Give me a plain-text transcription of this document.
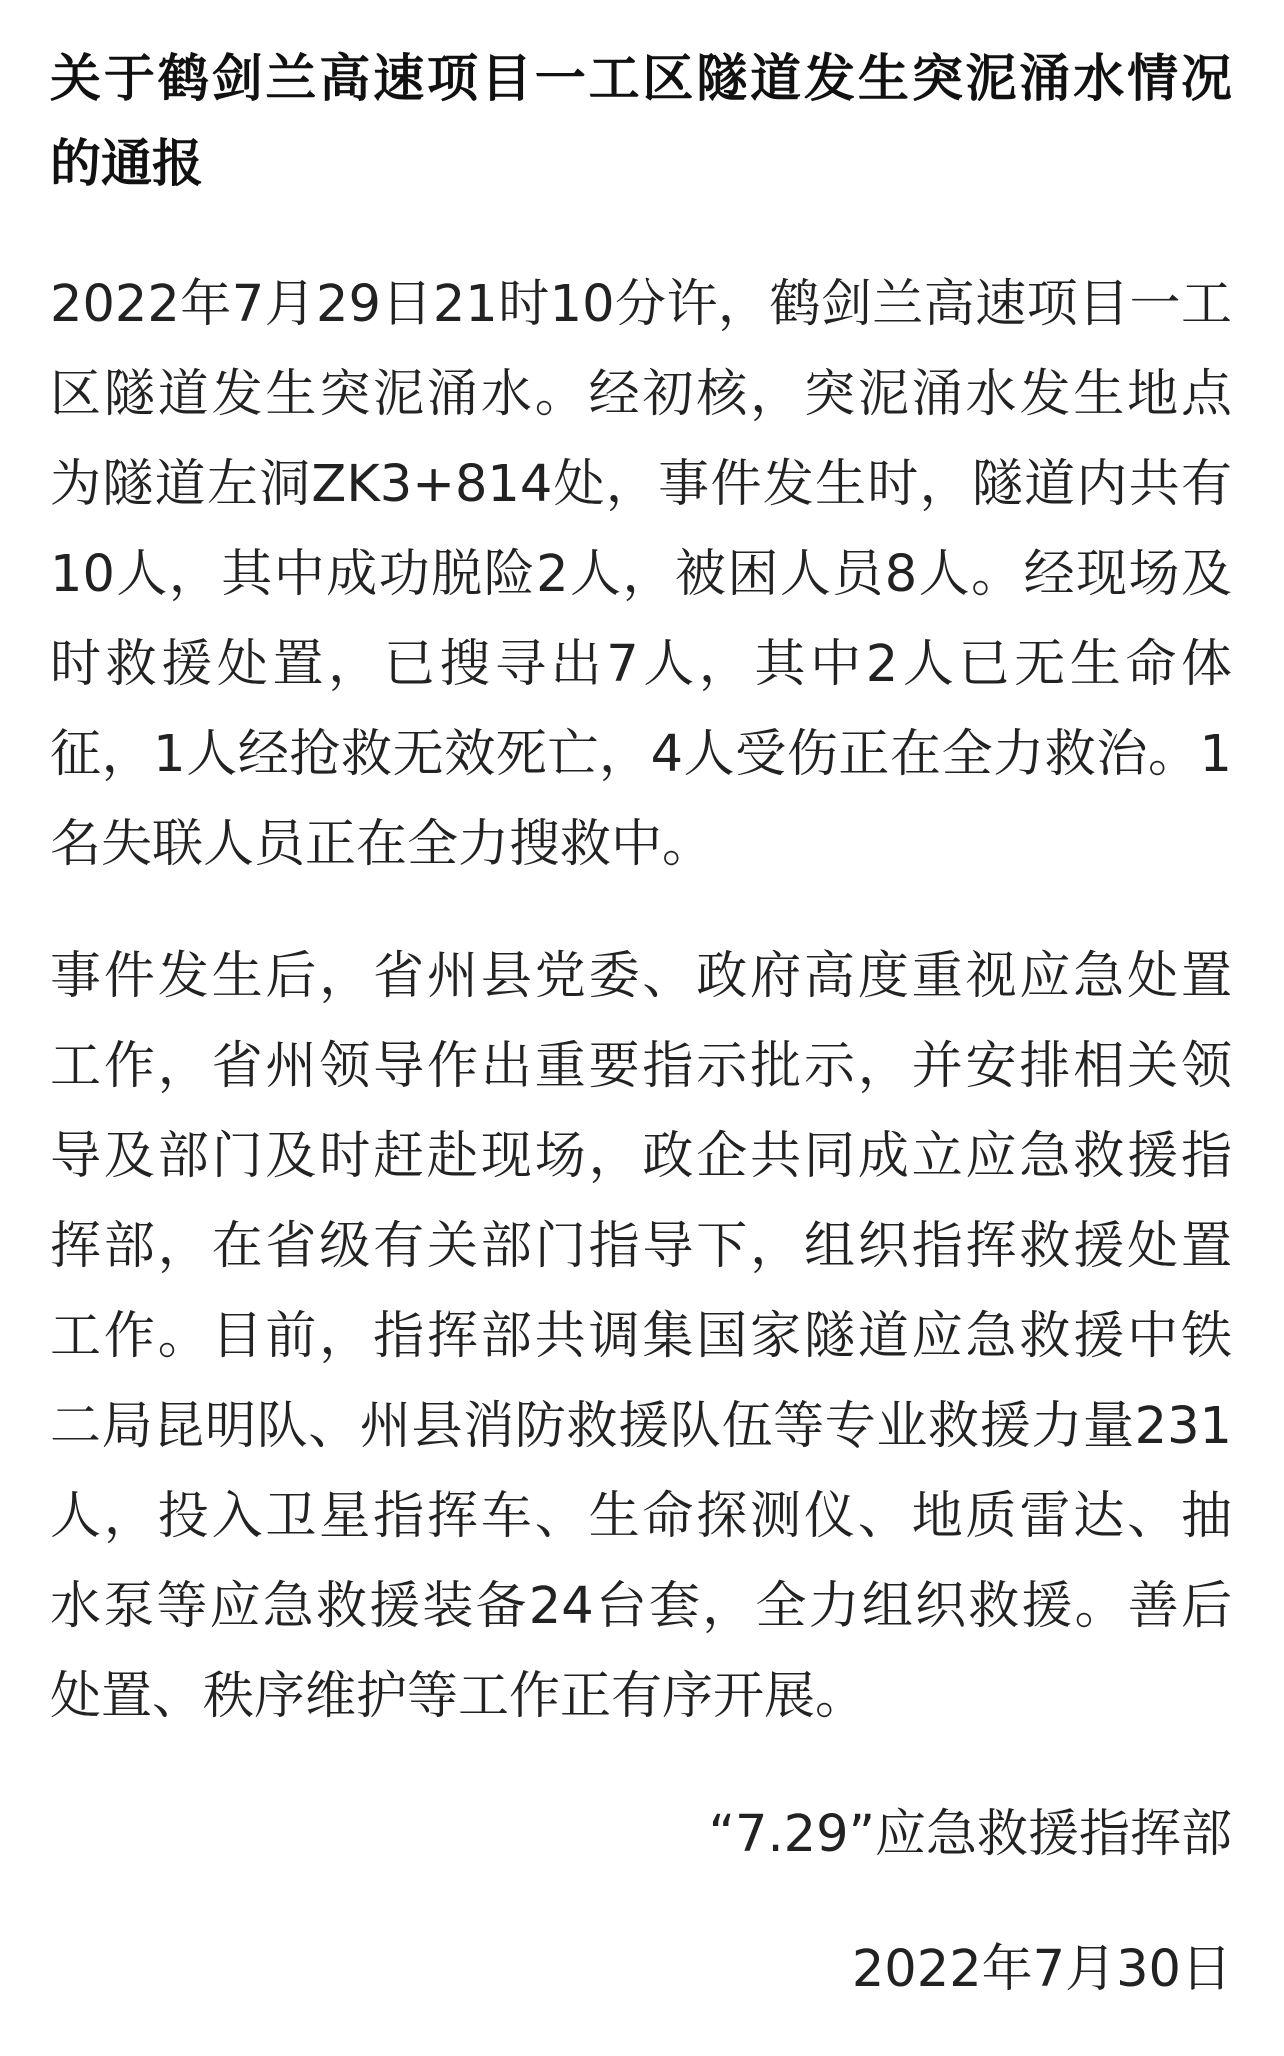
关于鹤剑兰高速项目一工区隧道发生突泥涌水情况
的通报
2022年7月29日21时10分许，鹤剑兰高速项目一工
区隧道发生突泥涌水。经初核，突泥涌水发生地点
为隧道左洞ZK3+814处，事件发生时，隧道内共有
10人，其中成功脱险2人，被困人员8人。经现场及
时救援处置，已搜寻出7人，其中2人已无生命体
征，1人经抢救无效死亡，4人受伤正在全力救治。1
名失联人员正在全力搜救中。
事件发生后，省州县党委、政府高度重视应急处置
工作，省州领导作出重要指示批示，并安排相关领
导及部门及时赶赴现场，政企共同成立应急救援指
挥部，在省级有关部门指导下，组织指挥救援处置
工作。目前，指挥部共调集国家隧道应急救援中铁
二局昆明队、州县消防救援队伍等专业救援力量231
人，投入卫星指挥车、生命探测仪、地质雷达、抽
水泵等应急救援装备24台套，全力组织救援。善后
处置、秩序维护等工作正有序开展。
“7.29”应急救援指挥部
2022年7月30日
